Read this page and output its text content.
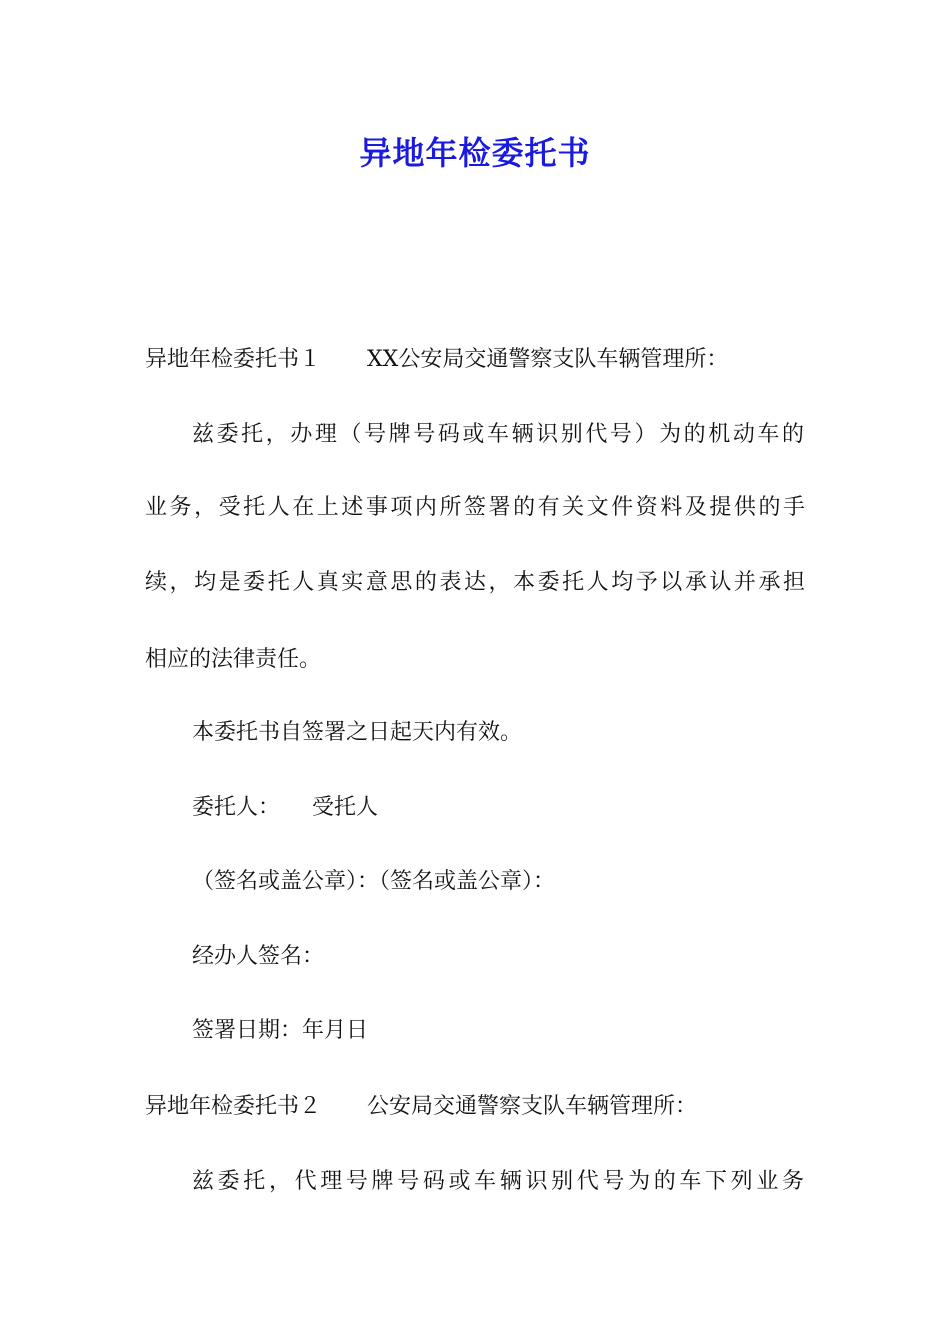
异地年检委托书

异地年检委托书１ XX公安局交通警察支队车辆管理所：

兹委托，办理（号牌号码或车辆识别代号）为的机动车的

业务，受托人在上述事项内所签署的有关文件资料及提供的手

续，均是委托人真实意思的表达，本委托人均予以承认并承担

相应的法律责任。

本委托书自签署之日起天内有效。

委托人： 受托人

（签名或盖公章）：（签名或盖公章）：

经办人签名：

签署日期：年月日

异地年检委托书２ 公安局交通警察支队车辆管理所：

兹委托，代理号牌号码或车辆识别代号为的车下列业务
